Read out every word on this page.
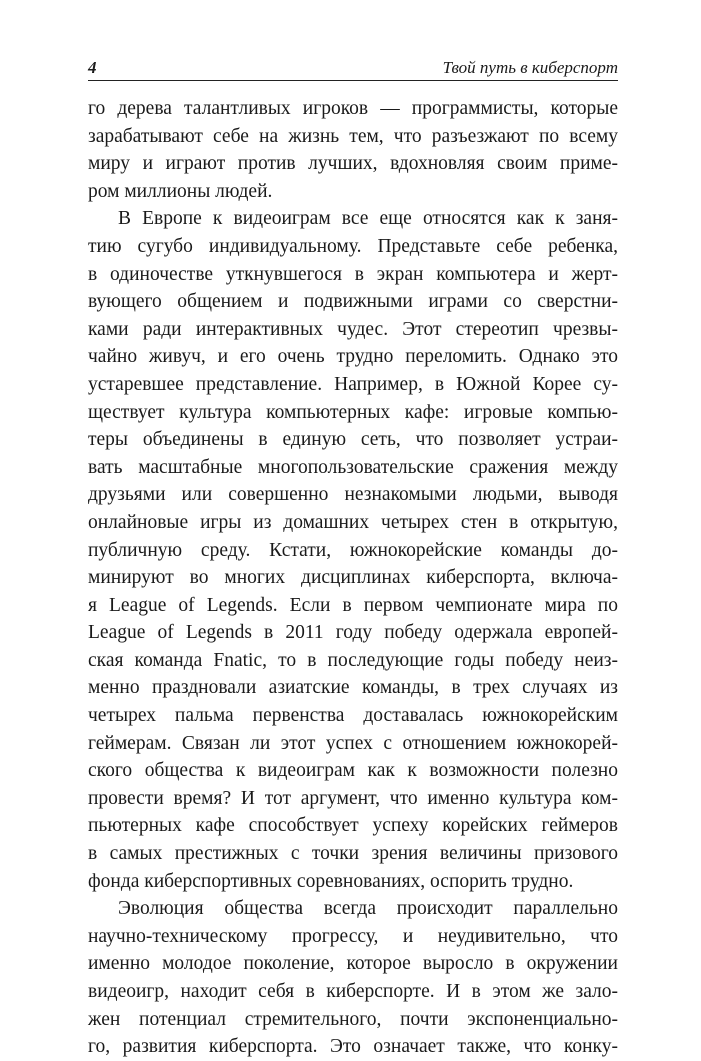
4	Твой путь в киберспорт
го дерева талантливых игроков — программисты, которые
зарабатывают себе на жизнь тем, что разъезжают по всему
миру и играют против лучших, вдохновляя своим приме-
ром миллионы людей.
В Европе к видеоиграм все еще относятся как к заня-
тию сугубо индивидуальному. Представьте себе ребенка,
в одиночестве уткнувшегося в экран компьютера и жерт-
вующего общением и подвижными играми со сверстни-
ками ради интерактивных чудес. Этот стереотип чрезвы-
чайно живуч, и его очень трудно переломить. Однако это
устаревшее представление. Например, в Южной Корее су-
ществует культура компьютерных кафе: игровые компью-
теры объединены в единую сеть, что позволяет устраи-
вать масштабные многопользовательские сражения между
друзьями или совершенно незнакомыми людьми, выводя
онлайновые игры из домашних четырех стен в открытую,
публичную среду. Кстати, южнокорейские команды до-
минируют во многих дисциплинах киберспорта, включа-
я League of Legends. Если в первом чемпионате мира по
League of Legends в 2011 году победу одержала европей-
ская команда Fnatic, то в последующие годы победу неиз-
менно праздновали азиатские команды, в трех случаях из
четырех пальма первенства доставалась южнокорейским
геймерам. Связан ли этот успех с отношением южнокорей-
ского общества к видеоиграм как к возможности полезно
провести время? И тот аргумент, что именно культура ком-
пьютерных кафе способствует успеху корейских геймеров
в самых престижных с точки зрения величины призового
фонда киберспортивных соревнованиях, оспорить трудно.
Эволюция общества всегда происходит параллельно
научно-техническому прогрессу, и неудивительно, что
именно молодое поколение, которое выросло в окружении
видеоигр, находит себя в киберспорте. И в этом же зало-
жен потенциал стремительного, почти экспоненциально-
го, развития киберспорта. Это означает также, что конку-
